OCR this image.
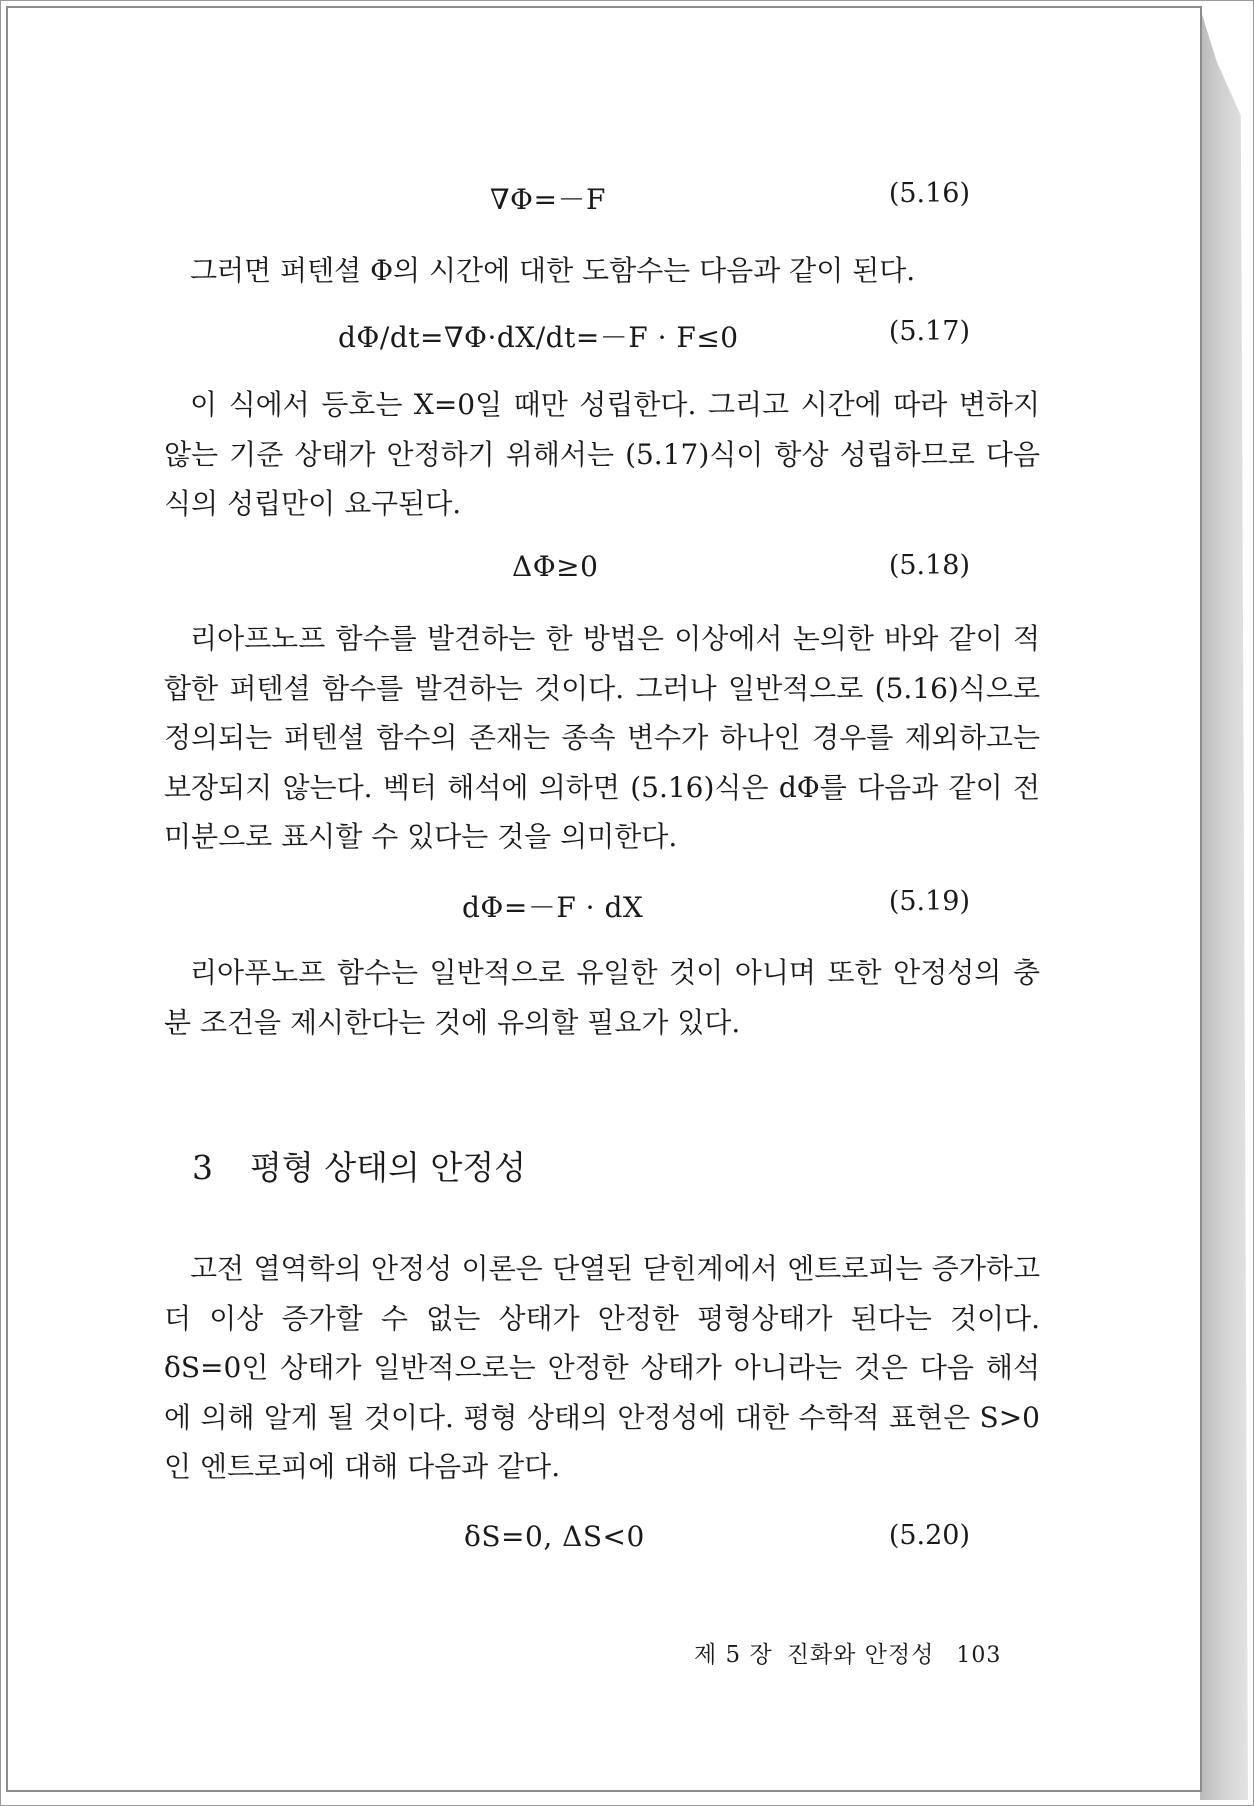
∇Φ=－F	(5.16)

그러면 퍼텐셜 Φ의 시간에 대한 도함수는 다음과 같이 된다.

dΦ/dt=∇Φ·dX/dt=－F · F≤0	(5.17)

이 식에서 등호는 X=0일 때만 성립한다. 그리고 시간에 따라 변하지 않는 기준 상태가 안정하기 위해서는 (5.17)식이 항상 성립하므로 다음 식의 성립만이 요구된다.

ΔΦ≥0	(5.18)

리아프노프 함수를 발견하는 한 방법은 이상에서 논의한 바와 같이 적합한 퍼텐셜 함수를 발견하는 것이다. 그러나 일반적으로 (5.16)식으로 정의되는 퍼텐셜 함수의 존재는 종속 변수가 하나인 경우를 제외하고는 보장되지 않는다. 벡터 해석에 의하면 (5.16)식은 dΦ를 다음과 같이 전미분으로 표시할 수 있다는 것을 의미한다.

dΦ=－F · dX	(5.19)

리아푸노프 함수는 일반적으로 유일한 것이 아니며 또한 안정성의 충분 조건을 제시한다는 것에 유의할 필요가 있다.

3 평형 상태의 안정성

고전 열역학의 안정성 이론은 단열된 닫힌계에서 엔트로피는 증가하고 더 이상 증가할 수 없는 상태가 안정한 평형상태가 된다는 것이다. δS=0인 상태가 일반적으로는 안정한 상태가 아니라는 것은 다음 해석에 의해 알게 될 것이다. 평형 상태의 안정성에 대한 수학적 표현은 S>0인 엔트로피에 대해 다음과 같다.

δS=0, ΔS<0	(5.20)
제 5 장 진화와 안정성 103
